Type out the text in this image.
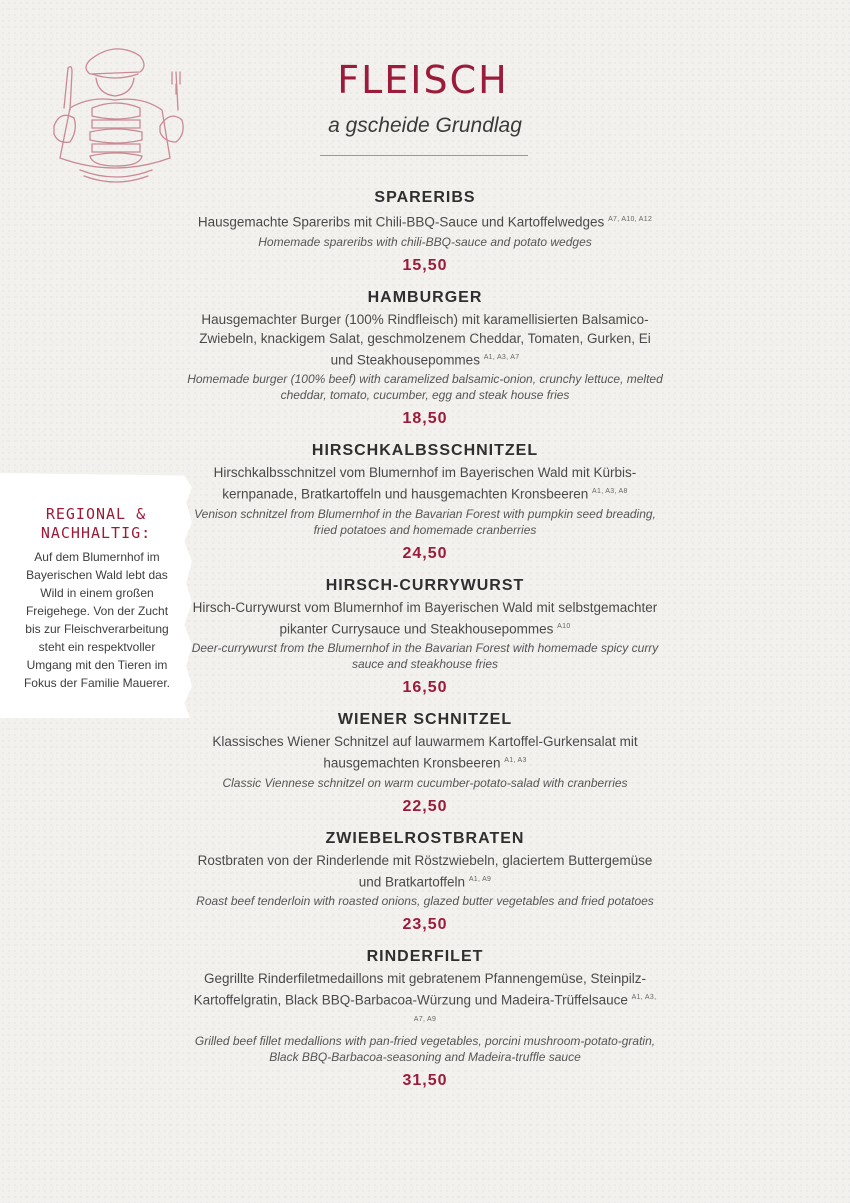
FLEISCH
a gscheide Grundlag
REGIONAL &
NACHHALTIG:
Auf dem Blumernhof im Bayerischen Wald lebt das Wild in einem großen Freigehege. Von der Zucht bis zur Fleischverarbeitung steht ein respektvoller Umgang mit den Tieren im Fokus der Familie Mauerer.
SPARERIBS
Hausgemachte Spareribs mit Chili-BBQ-Sauce und Kartoffelwedges $^{A7, A10, A12}$
Homemade spareribs with chili-BBQ-sauce and potato wedges
15,50
HAMBURGER
Hausgemachter Burger (100% Rindfleisch) mit karamellisierten Balsamico-Zwiebeln, knackigem Salat, geschmolzenem Cheddar, Tomaten, Gurken, Ei und Steakhousepommes $^{A1, A3, A7}$
Homemade burger (100% beef) with caramelized balsamic-onion, crunchy lettuce, melted cheddar, tomato, cucumber, egg and steak house fries
18,50
HIRSCHKALBSSCHNITZEL
Hirschkalbsschnitzel vom Blumernhof im Bayerischen Wald mit Kürbis-kernpanade, Bratkartoffeln und hausgemachten Kronsbeeren $^{A1, A3, A8}$
Venison schnitzel from Blumernhof in the Bavarian Forest with pumpkin seed breading, fried potatoes and homemade cranberries
24,50
HIRSCH-CURRYWURST
Hirsch-Currywurst vom Blumernhof im Bayerischen Wald mit selbstgemachter pikanter Currysauce und Steakhousepommes $^{A10}$
Deer-currywurst from the Blumernhof in the Bavarian Forest with homemade spicy curry sauce and steakhouse fries
16,50
WIENER SCHNITZEL
Klassisches Wiener Schnitzel auf lauwarmem Kartoffel-Gurkensalat mit hausgemachten Kronsbeeren $^{A1, A3}$
Classic Viennese schnitzel on warm cucumber-potato-salad with cranberries
22,50
ZWIEBELROSTBRATEN
Rostbraten von der Rinderlende mit Röstzwiebeln, glaciertem Buttergemüse und Bratkartoffeln $^{A1, A9}$
Roast beef tenderloin with roasted onions, glazed butter vegetables and fried potatoes
23,50
RINDERFILET
Gegrillte Rinderfiletmedaillons mit gebratenem Pfannengemüse, Steinpilz-Kartoffelgratin, Black BBQ-Barbacoa-Würzung und Madeira-Trüffelsauce $^{A1, A3, A7, A9}$
Grilled beef fillet medallions with pan-fried vegetables, porcini mushroom-potato-gratin, Black BBQ-Barbacoa-seasoning and Madeira-truffle sauce
31,50
